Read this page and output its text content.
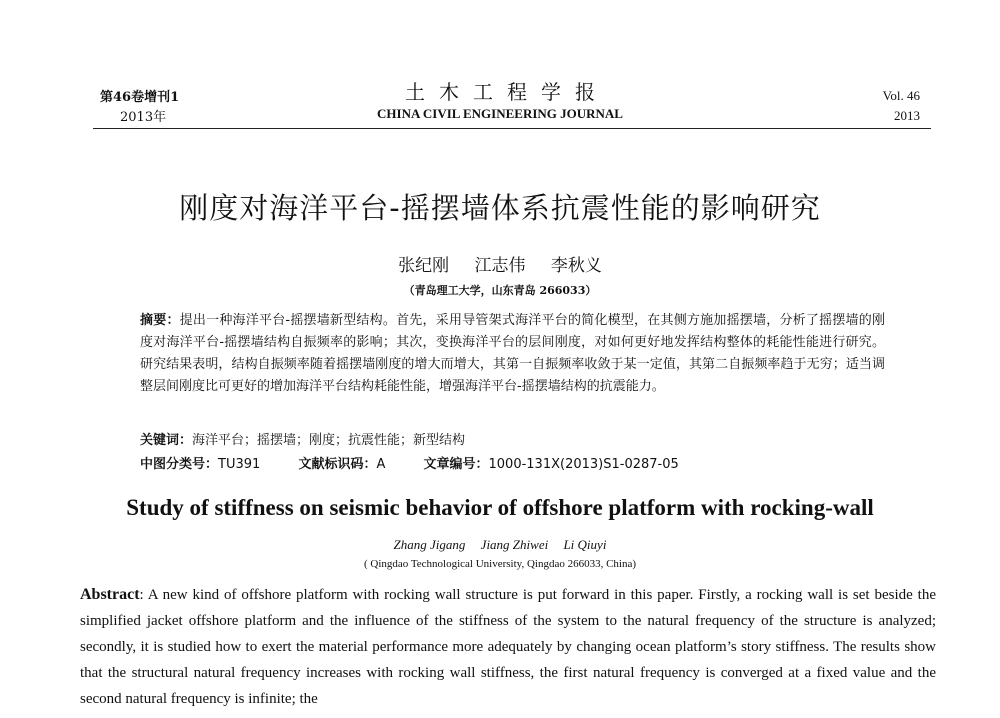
第46卷增刊1
2013年
土木工程学报
CHINA CIVIL ENGINEERING JOURNAL
Vol. 46
2013
刚度对海洋平台-摇摆墙体系抗震性能的影响研究
张纪刚 江志伟 李秋义
（青岛理工大学，山东青岛 266033）
摘要：提出一种海洋平台-摇摆墙新型结构。首先，采用导管架式海洋平台的简化模型，在其侧方施加摇摆墙，分析了摇摆墙的刚度对海洋平台-摇摆墙结构自振频率的影响；其次，变换海洋平台的层间刚度，对如何更好地发挥结构整体的耗能性能进行研究。研究结果表明，结构自振频率随着摇摆墙刚度的增大而增大，其第一自振频率收敛于某一定值，其第二自振频率趋于无穷；适当调整层间刚度比可更好的增加海洋平台结构耗能性能，增强海洋平台-摇摆墙结构的抗震能力。
关键词：海洋平台；摇摆墙；刚度；抗震性能；新型结构
中图分类号：TU391	文献标识码：A	文章编号：1000-131X(2013)S1-0287-05
Study of stiffness on seismic behavior of offshore platform with rocking-wall
Zhang Jigang Jiang Zhiwei Li Qiuyi
( Qingdao Technological University, Qingdao 266033, China)
Abstract: A new kind of offshore platform with rocking wall structure is put forward in this paper. Firstly, a rocking wall is set beside the simplified jacket offshore platform and the influence of the stiffness of the system to the natural frequency of the structure is analyzed; secondly, it is studied how to exert the material performance more adequately by changing ocean platform’s story stiffness. The results show that the structural natural frequency increases with rocking wall stiffness, the first natural frequency is converged at a fixed value and the second natural frequency is infinite; the
